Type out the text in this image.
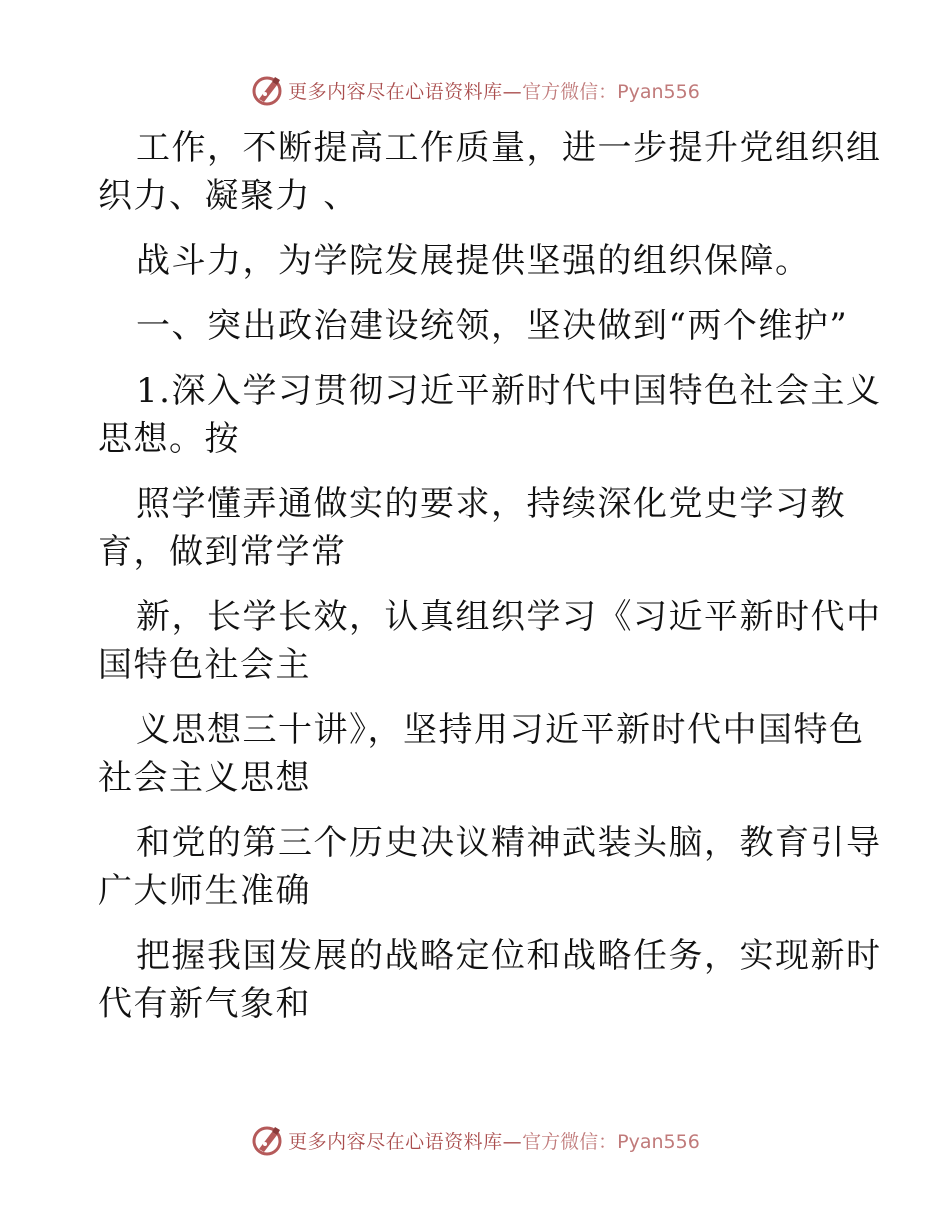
更多内容尽在心语资料库— 官方微信：Pyan556
工作，不断提高工作质量，进一步提升党组织组
织力、凝聚力 、
战斗力，为学院发展提供坚强的组织保障。
一、突出政治建设统领，坚决做到“两个维护”
1.深入学习贯彻习近平新时代中国特色社会主义
思想。按
照学懂弄通做实的要求，持续深化党史学习教
育，做到常学常
新，长学长效，认真组织学习《习近平新时代中
国特色社会主
义思想三十讲》，坚持用习近平新时代中国特色
社会主义思想
和党的第三个历史决议精神武装头脑，教育引导
广大师生准确
把握我国发展的战略定位和战略任务，实现新时
代有新气象和
更多内容尽在心语资料库— 官方微信：Pyan556
